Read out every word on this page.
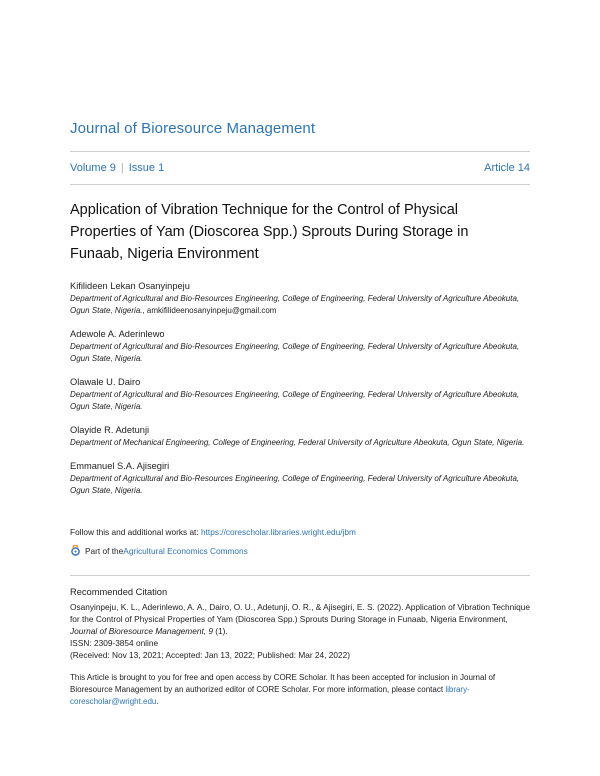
Journal of Bioresource Management
Volume 9 | Issue 1	Article 14
Application of Vibration Technique for the Control of Physical Properties of Yam (Dioscorea Spp.) Sprouts During Storage in Funaab, Nigeria Environment
Kifilideen Lekan Osanyinpeju
Department of Agricultural and Bio-Resources Engineering, College of Engineering, Federal University of Agriculture Abeokuta, Ogun State, Nigeria., amkifilideenosanyinpeju@gmail.com
Adewole A. Aderinlewo
Department of Agricultural and Bio-Resources Engineering, College of Engineering, Federal University of Agriculture Abeokuta, Ogun State, Nigeria.
Olawale U. Dairo
Department of Agricultural and Bio-Resources Engineering, College of Engineering, Federal University of Agriculture Abeokuta, Ogun State, Nigeria.
Olayide R. Adetunji
Department of Mechanical Engineering, College of Engineering, Federal University of Agriculture Abeokuta, Ogun State, Nigeria.
Emmanuel S.A. Ajisegiri
Department of Agricultural and Bio-Resources Engineering, College of Engineering, Federal University of Agriculture Abeokuta, Ogun State, Nigeria.
Follow this and additional works at: https://corescholar.libraries.wright.edu/jbm
Part of the Agricultural Economics Commons
Recommended Citation
Osanyinpeju, K. L., Aderinlewo, A. A., Dairo, O. U., Adetunji, O. R., & Ajisegiri, E. S. (2022). Application of Vibration Technique for the Control of Physical Properties of Yam (Dioscorea Spp.) Sprouts During Storage in Funaab, Nigeria Environment, Journal of Bioresource Management, 9 (1).
ISSN: 2309-3854 online
(Received: Nov 13, 2021; Accepted: Jan 13, 2022; Published: Mar 24, 2022)
This Article is brought to you for free and open access by CORE Scholar. It has been accepted for inclusion in Journal of Bioresource Management by an authorized editor of CORE Scholar. For more information, please contact library-corescholar@wright.edu.
